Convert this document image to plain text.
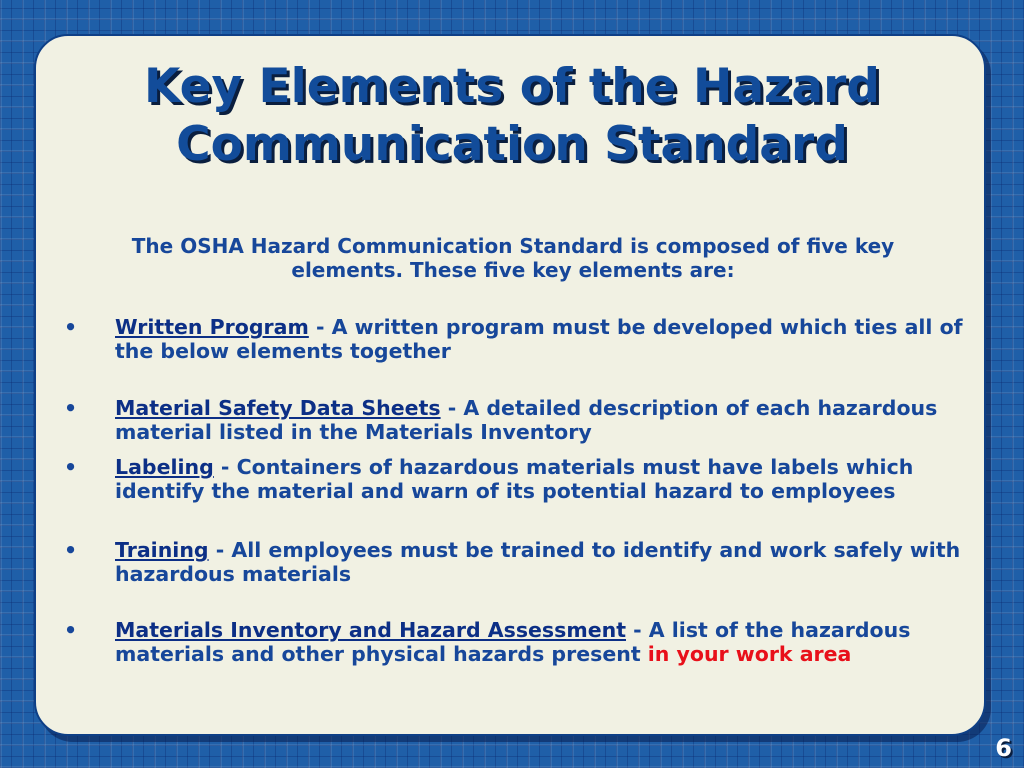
Key Elements of the Hazard Communication Standard

The OSHA Hazard Communication Standard is composed of five key elements. These five key elements are:

•	Written Program - A written program must be developed which ties all of the below elements together
•	Material Safety Data Sheets - A detailed description of each hazardous material listed in the Materials Inventory
•	Labeling - Containers of hazardous materials must have labels which identify the material and warn of its potential hazard to employees
•	Training - All employees must be trained to identify and work safely with hazardous materials
•	Materials Inventory and Hazard Assessment - A list of the hazardous materials and other physical hazards present in your work area
6
